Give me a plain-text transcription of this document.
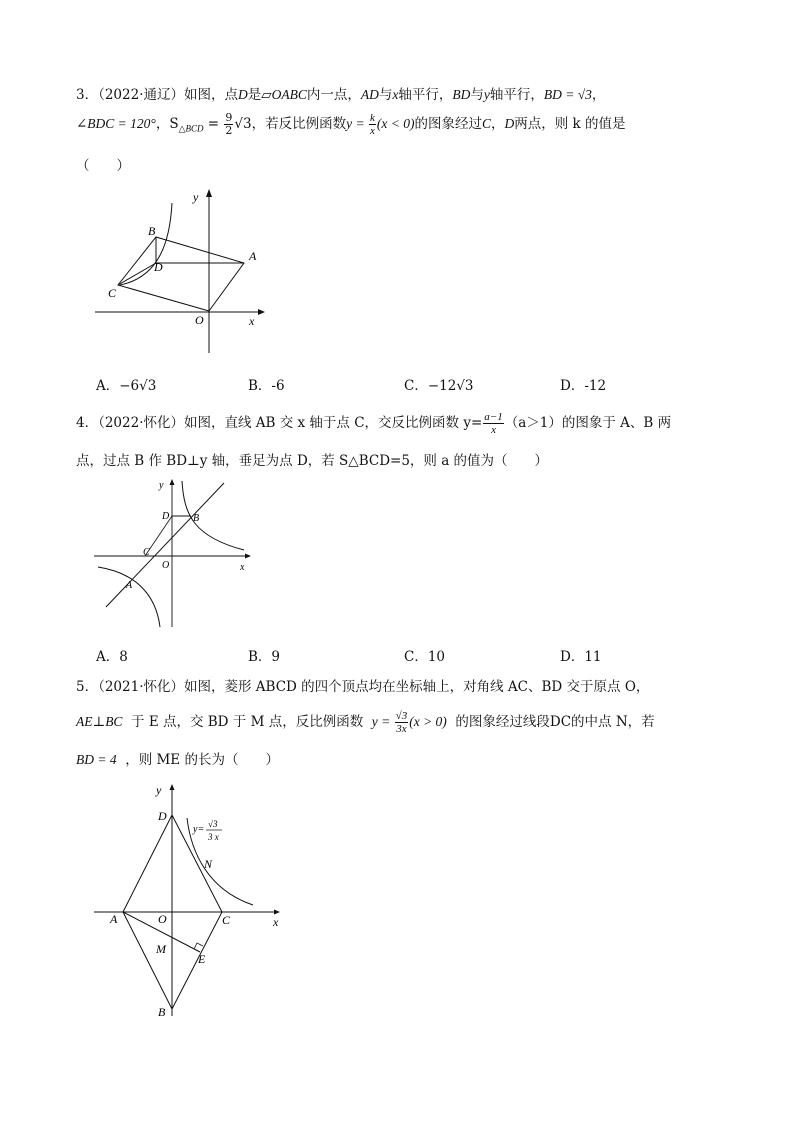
3．（2022·通辽）如图，点D是▱OABC内一点，AD与x轴平行，BD与y轴平行，BD = √3，
∠BDC = 120°，$S_{\triangle BCD} = \frac{9}{2} √3$，若反比例函数$y = \frac{k}{x} (x < 0)$的图象经过C，D两点，则 k 的值是
（　　）
B
D
A
C
O	x
y
A．−6√3	B．-6	C．−12√3	D．-12
4．（2022·怀化）如图，直线 AB 交 x 轴于点 C，交反比例函数 $y= \frac{a-1}{x} (a>1)$的图象于 A、B 两
点，过点 B 作 BD⊥y 轴，垂足为点 D，若 S△BCD=5，则 a 的值为（　　）
y
D B
C
O	x
A
A．8	B．9	C．10	D．11
5．（2021·怀化）如图，菱形 ABCD 的四个顶点均在坐标轴上，对角线 AC、BD 交于原点 O，
AE⊥BC  于 E 点，交 BD 于 M 点，反比例函数  $y = \frac{√3}{3x} (x > 0)$  的图象经过线段DC的中点 N，若
BD = 4  ，则 ME 的长为（　　）
y
D
y= √3
3 x
N
A	O	C	x
M
E
B
